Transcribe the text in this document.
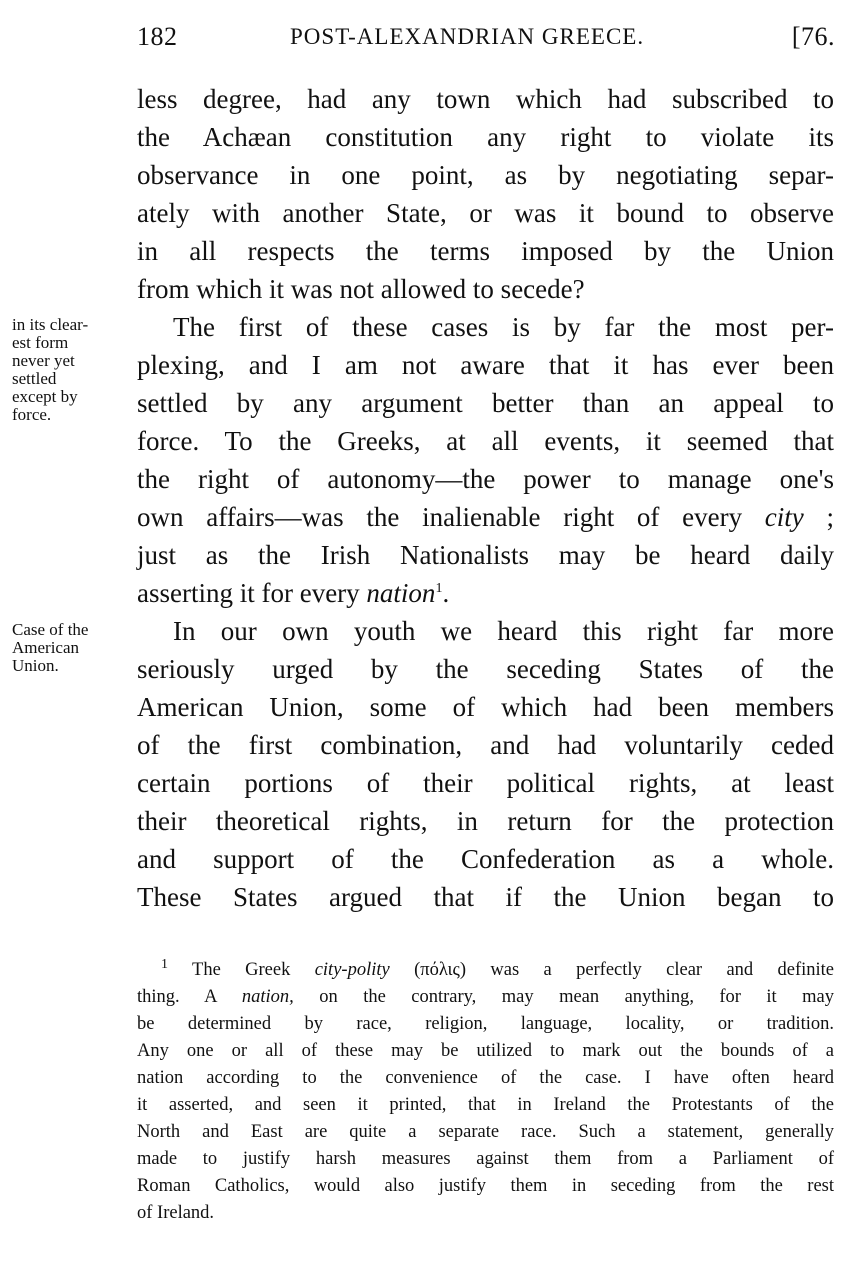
182	POST-ALEXANDRIAN GREECE.	[76.
in its clear-
est form
never yet
settled
except by
force.
Case of the
American
Union.
less degree, had any town which had subscribed to
the Achæan constitution any right to violate its
observance in one point, as by negotiating separ-
ately with another State, or was it bound to observe
in all respects the terms imposed by the Union
from which it was not allowed to secede?
The first of these cases is by far the most per-
plexing, and I am not aware that it has ever been
settled by any argument better than an appeal to
force. To the Greeks, at all events, it seemed that
the right of autonomy—the power to manage one's
own affairs—was the inalienable right of every city ;
just as the Irish Nationalists may be heard daily
asserting it for every nation$^1$.
In our own youth we heard this right far more
seriously urged by the seceding States of the
American Union, some of which had been members
of the first combination, and had voluntarily ceded
certain portions of their political rights, at least
their theoretical rights, in return for the protection
and support of the Confederation as a whole.
These States argued that if the Union began to
$^1$ The Greek city-polity (πόλις) was a perfectly clear and definite
thing. A nation, on the contrary, may mean anything, for it may
be determined by race, religion, language, locality, or tradition.
Any one or all of these may be utilized to mark out the bounds of a
nation according to the convenience of the case. I have often heard
it asserted, and seen it printed, that in Ireland the Protestants of the
North and East are quite a separate race. Such a statement, generally
made to justify harsh measures against them from a Parliament of
Roman Catholics, would also justify them in seceding from the rest
of Ireland.
